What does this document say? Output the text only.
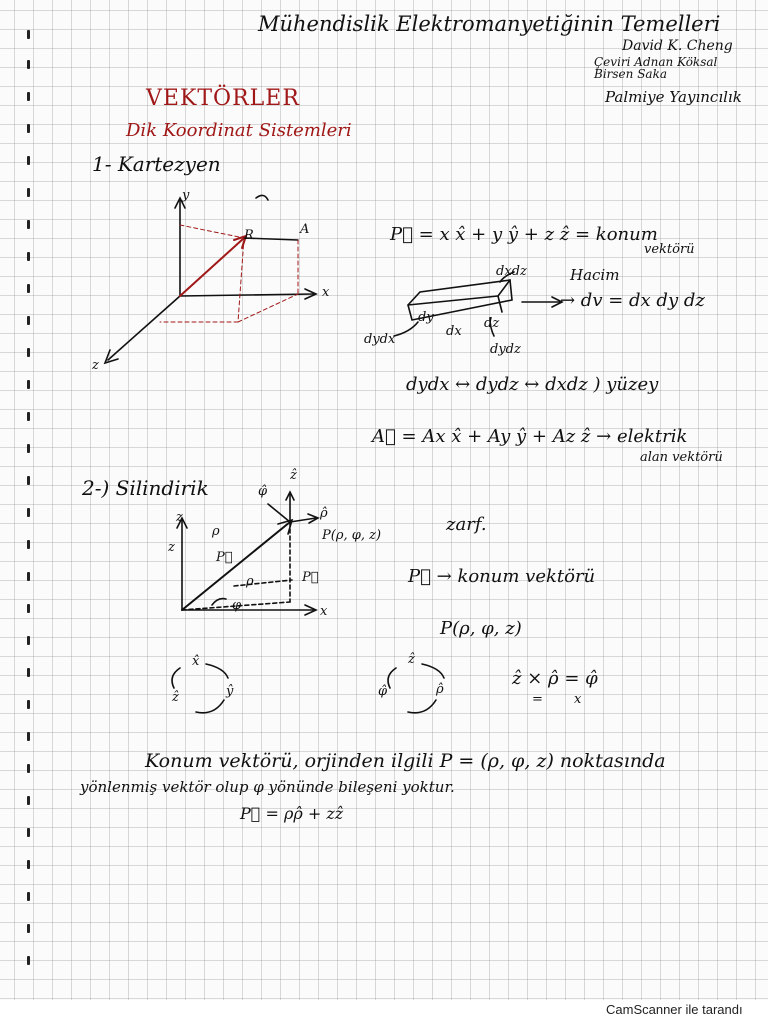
Mühendislik Elektromanyetiğinin Temelleri
David K. Cheng
Çeviri Adnan Köksal
Birsen Saka
Palmiye Yayıncılık
VEKTÖRLER
Dik Koordinat Sistemleri
1- Kartezyen
y
x
z
A
R	P⃗ = x x̂ + y ŷ + z ẑ = konum
vektörü
dxdz
dy
dx
dz
dydx
dydz
Hacim
→ dv = dx dy dz
dydx ↔ dydz ↔ dxdz ) yüzey
A⃗ = Ax x̂ + Ay ŷ + Az ẑ → elektrik
alan vektörü
2-) Silindirik
z
z
x
P⃗
P⃗
φ
φ̂
ẑ
ρ̂
ρ
ρ
P(ρ, φ, z)
zarf.
P⃗ → konum vektörü
P(ρ, φ, z)
x̂
ŷ
ẑ
ẑ
ρ̂
φ̂
ẑ × ρ̂ = φ̂
= x
Konum vektörü, orjinden ilgili P = (ρ, φ, z) noktasında
yönlenmiş vektör olup φ yönünde bileşeni yoktur.
P⃗ = ρρ̂ + zẑ
CamScanner ile tarandı
